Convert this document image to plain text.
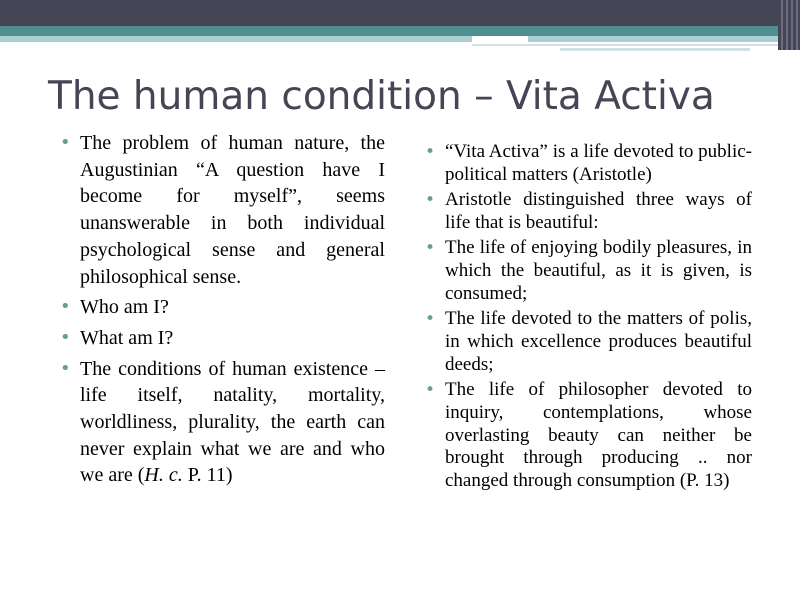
The human condition – Vita Activa
• The problem of human nature, the Augustinian “A question have I become for myself”, seems unanswerable in both individual psychological sense and general philosophical sense.
• Who am I?
• What am I?
• The conditions of human existence – life itself, natality, mortality, worldliness, plurality, the earth can never explain what we are and who we are (H. c. P. 11)
• “Vita Activa” is a life devoted to public-political matters (Aristotle)
• Aristotle distinguished three ways of life that is beautiful:
• The life of enjoying bodily pleasures, in which the beautiful, as it is given, is consumed;
• The life devoted to the matters of polis, in which excellence produces beautiful deeds;
• The life of philosopher devoted to inquiry, contemplations, whose overlasting beauty can neither be brought through producing .. nor changed through consumption (P. 13)
